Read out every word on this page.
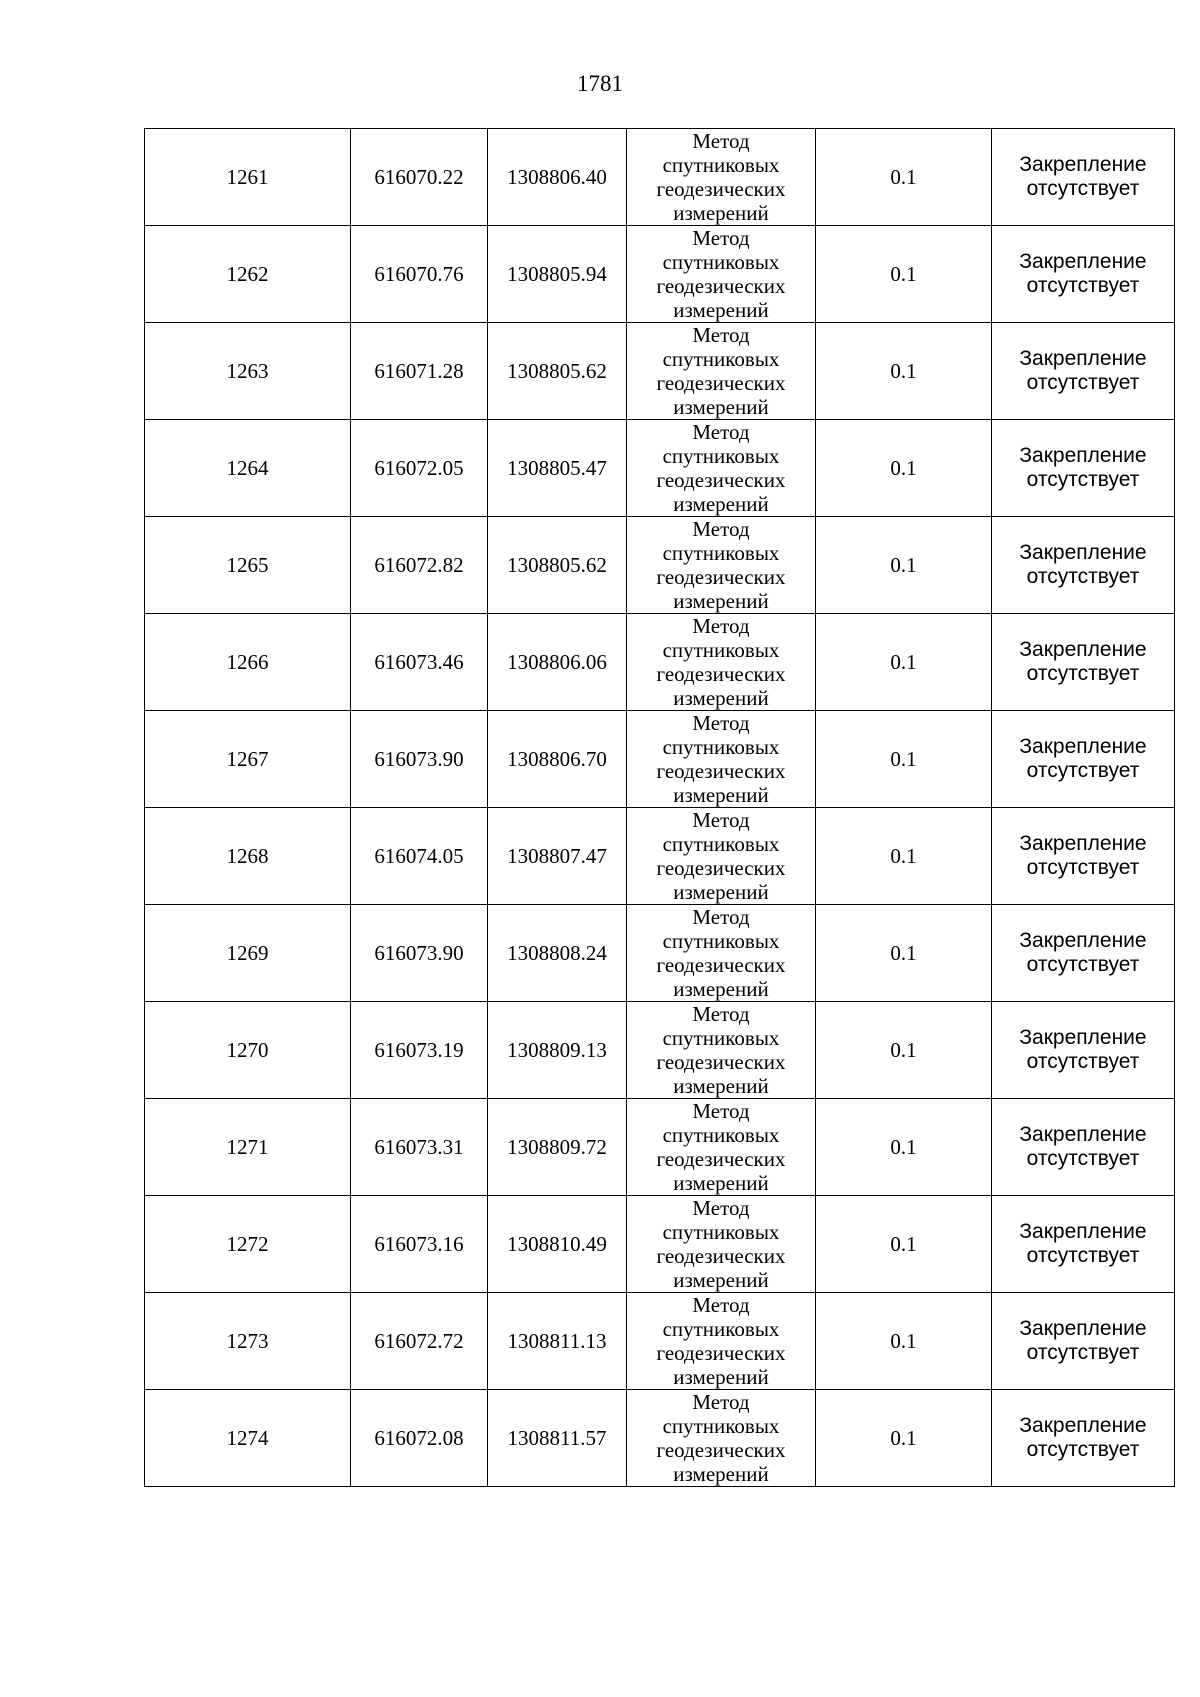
1781
1261	616070.22	1308806.40	Метод
спутниковых
геодезических
измерений	0.1	Закрепление
отсутствует

1262	616070.76	1308805.94	Метод
спутниковых
геодезических
измерений	0.1	Закрепление
отсутствует

1263	616071.28	1308805.62	Метод
спутниковых
геодезических
измерений	0.1	Закрепление
отсутствует

1264	616072.05	1308805.47	Метод
спутниковых
геодезических
измерений	0.1	Закрепление
отсутствует

1265	616072.82	1308805.62	Метод
спутниковых
геодезических
измерений	0.1	Закрепление
отсутствует

1266	616073.46	1308806.06	Метод
спутниковых
геодезических
измерений	0.1	Закрепление
отсутствует

1267	616073.90	1308806.70	Метод
спутниковых
геодезических
измерений	0.1	Закрепление
отсутствует

1268	616074.05	1308807.47	Метод
спутниковых
геодезических
измерений	0.1	Закрепление
отсутствует

1269	616073.90	1308808.24	Метод
спутниковых
геодезических
измерений	0.1	Закрепление
отсутствует

1270	616073.19	1308809.13	Метод
спутниковых
геодезических
измерений	0.1	Закрепление
отсутствует

1271	616073.31	1308809.72	Метод
спутниковых
геодезических
измерений	0.1	Закрепление
отсутствует

1272	616073.16	1308810.49	Метод
спутниковых
геодезических
измерений	0.1	Закрепление
отсутствует

1273	616072.72	1308811.13	Метод
спутниковых
геодезических
измерений	0.1	Закрепление
отсутствует

1274	616072.08	1308811.57	Метод
спутниковых
геодезических
измерений	0.1	Закрепление
отсутствует
